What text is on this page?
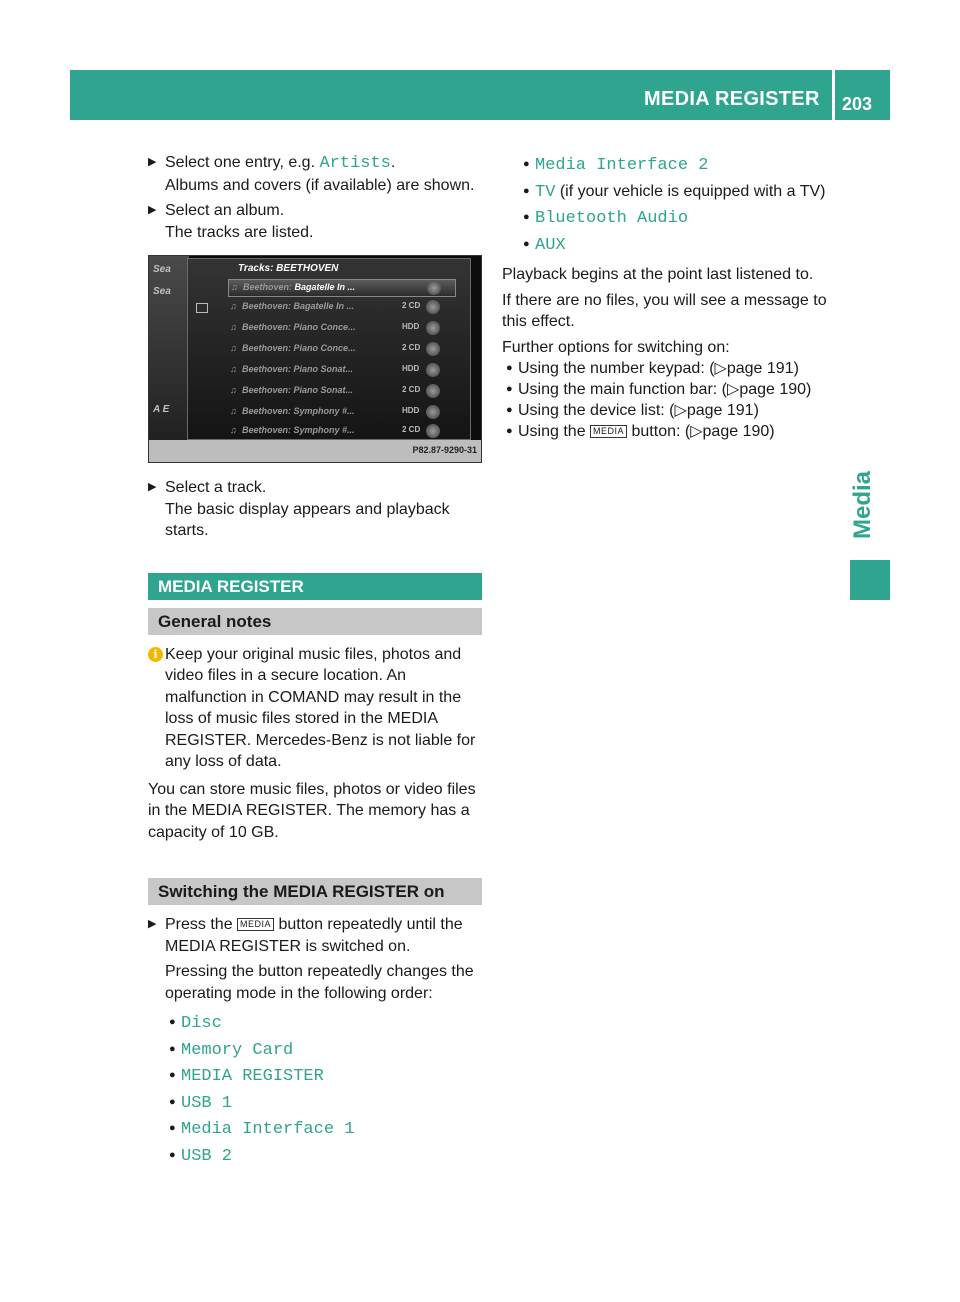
MEDIA REGISTER 203
Media
▶ Select one entry, e.g. Artists.
Albums and covers (if available) are shown.
▶ Select an album.
The tracks are listed.
Sea
Sea
A E
Tracks: BEETHOVEN
♫ Beethoven: Bagatelle In ...
♫ Beethoven: Bagatelle In ...	2 CD
♫ Beethoven: Piano Conce...	HDD
♫ Beethoven: Piano Conce...	2 CD
♫ Beethoven: Piano Sonat...	HDD
♫ Beethoven: Piano Sonat...	2 CD
♫ Beethoven: Symphony #...	HDD
♫ Beethoven: Symphony #...	2 CD
P82.87-9290-31
▶ Select a track.
The basic display appears and playback starts.
MEDIA REGISTER
General notes
i Keep your original music files, photos and video files in a secure location. An malfunction in COMAND may result in the loss of music files stored in the MEDIA REGISTER. Mercedes-Benz is not liable for any loss of data.

You can store music files, photos or video files in the MEDIA REGISTER. The memory has a capacity of 10 GB.

Switching the MEDIA REGISTER on
▶ Press the MEDIA button repeatedly until the MEDIA REGISTER is switched on.
Pressing the button repeatedly changes the operating mode in the following order:
● Disc
● Memory Card
● MEDIA REGISTER
● USB 1
● Media Interface 1
● USB 2
● Media Interface 2
● TV (if your vehicle is equipped with a TV)
● Bluetooth Audio
● AUX

Playback begins at the point last listened to.

If there are no files, you will see a message to this effect.

Further options for switching on:

● Using the number keypad: (▷page 191)
● Using the main function bar: (▷page 190)
● Using the device list: (▷page 191)
● Using the MEDIA button: (▷page 190)
